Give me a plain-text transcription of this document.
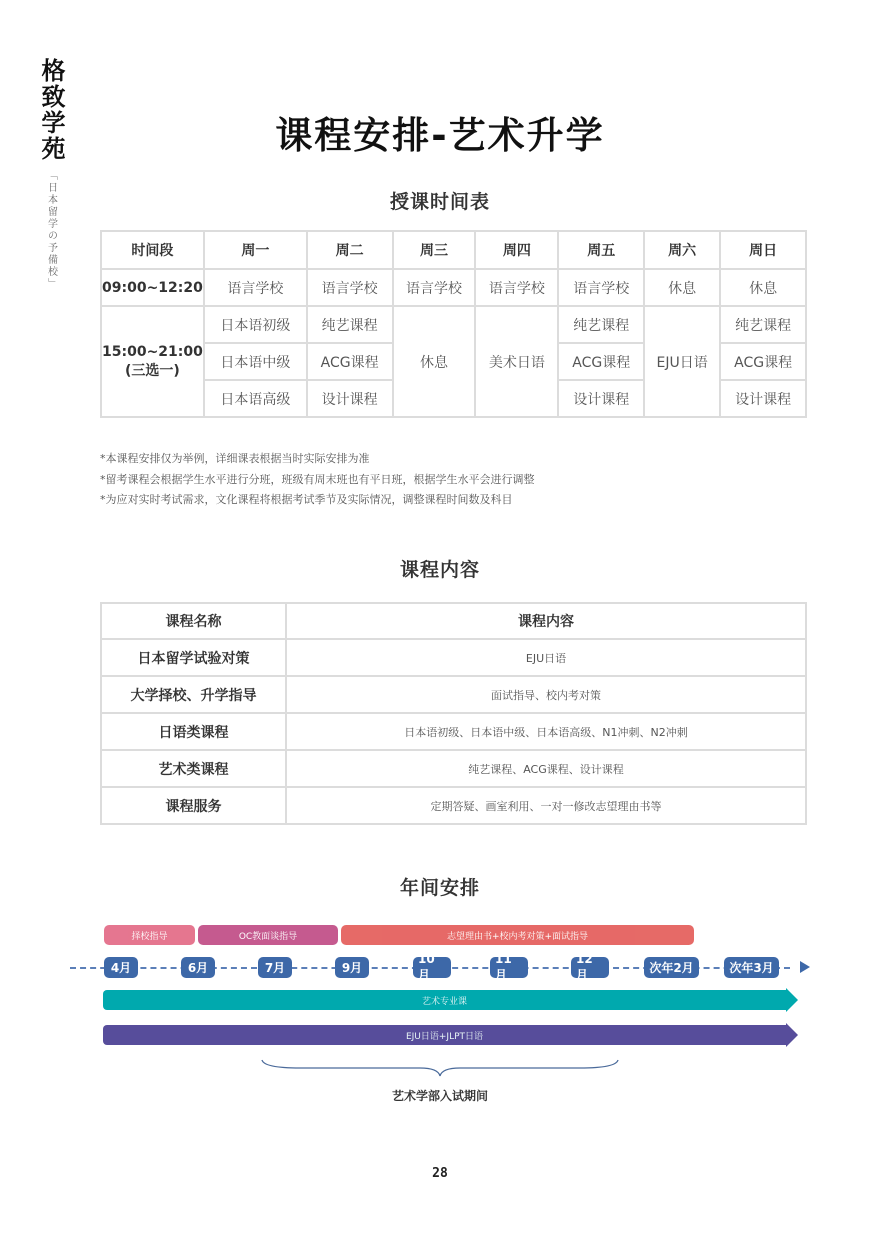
格致学苑
「日本留学の予備校」
课程安排-艺术升学
授课时间表
时间段	周一	周二	周三	周四	周五	周六	周日
09:00~12:20	语言学校	语言学校	语言学校	语言学校	语言学校	休息	休息

15:00~21:00
(三选一)	日本语初级	纯艺课程	休息	美术日语	纯艺课程	EJU日语	纯艺课程
	日本语中级	ACG课程			ACG课程		ACG课程
	日本语高级	设计课程			设计课程		设计课程
*本课程安排仅为举例，详细课表根据当时实际安排为准
*留考课程会根据学生水平进行分班，班级有周末班也有平日班，根据学生水平会进行调整
*为应对实时考试需求，文化课程将根据考试季节及实际情况，调整课程时间数及科目
课程内容
课程名称	课程内容
日本留学试验对策	EJU日语
大学择校、升学指导	面试指导、校内考对策
日语类课程	日本语初级、日本语中级、日本语高级、N1冲刺、N2冲刺
艺术类课程	纯艺课程、ACG课程、设计课程
课程服务	定期答疑、画室利用、一对一修改志望理由书等
年间安排
择校指导	OC教面谈指导	志望理由书+校内考对策+面试指导
4月	6月	7月	9月
10月
11月
12月	次年2月	次年3月
艺术专业课
EJU日语+JLPT日语
艺术学部入试期间
28
